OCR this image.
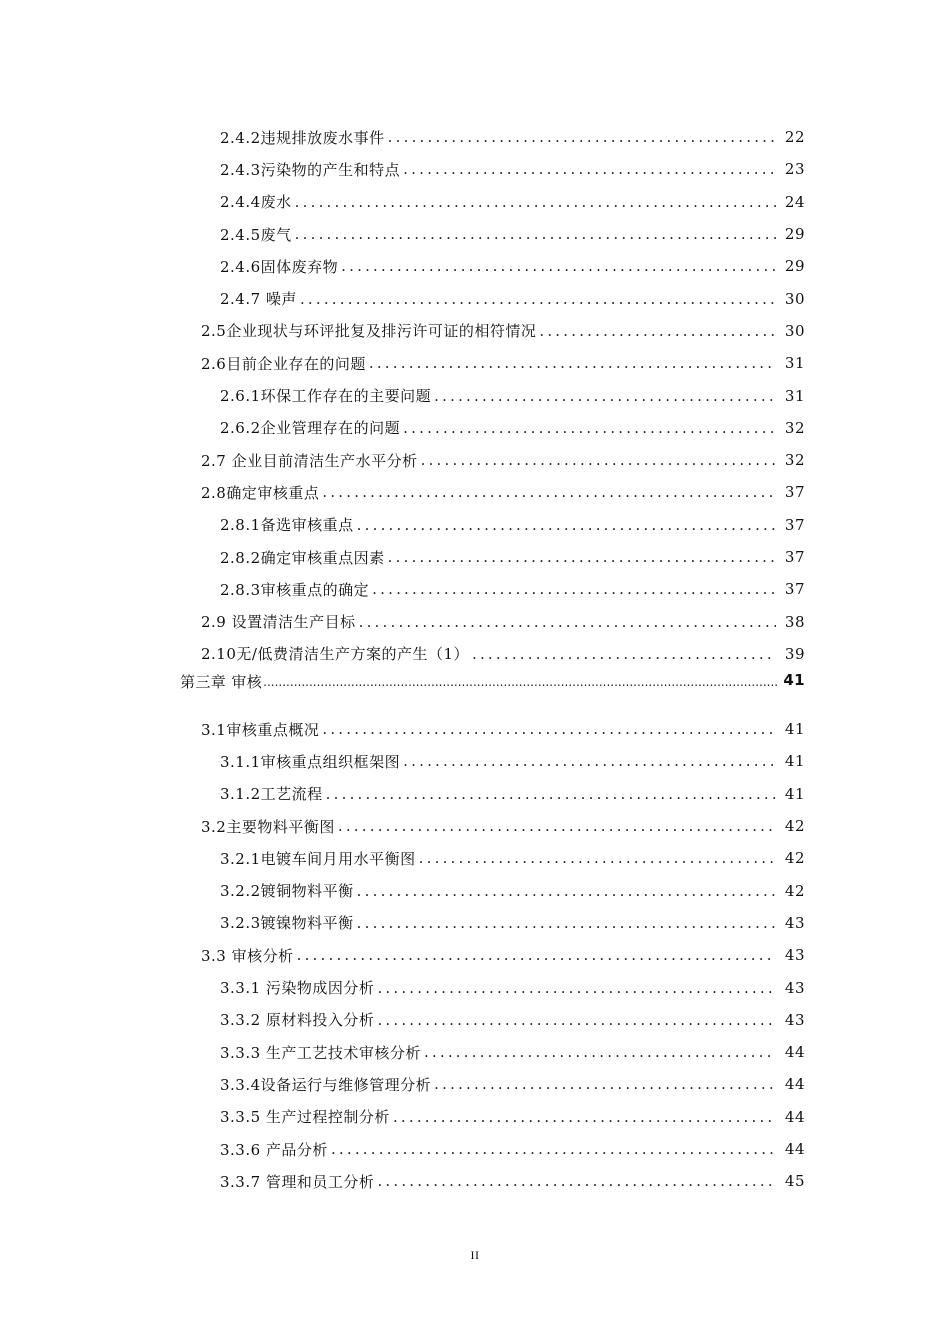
2.4.2违规排放废水事件 .....	22
2.4.3污染物的产生和特点 .....	23
2.4.4废水 .....	24
2.4.5废气 .....	29
2.4.6固体废弃物 .....	29
2.4.7 噪声 .....	30
2.5企业现状与环评批复及排污许可证的相符情况 .....	30
2.6目前企业存在的问题 .....	31
2.6.1环保工作存在的主要问题 .....	31
2.6.2企业管理存在的问题 .....	32
2.7 企业目前清洁生产水平分析 .....	32
2.8确定审核重点 .....	37
2.8.1备选审核重点 .....	37
2.8.2确定审核重点因素 .....	37
2.8.3审核重点的确定 .....	37
2.9 设置清洁生产目标 .....	38
2.10无/低费清洁生产方案的产生（1） .....	39
第三章 审核 .....	41
3.1审核重点概况 .....	41
3.1.1审核重点组织框架图 .....	41
3.1.2工艺流程 .....	41
3.2主要物料平衡图 .....	42
3.2.1电镀车间月用水平衡图 .....	42
3.2.2镀铜物料平衡 .....	42
3.2.3镀镍物料平衡 .....	43
3.3 审核分析 .....	43
3.3.1 污染物成因分析 .....	43
3.3.2 原材料投入分析 .....	43
3.3.3 生产工艺技术审核分析 .....	44
3.3.4设备运行与维修管理分析 .....	44
3.3.5 生产过程控制分析 .....	44
3.3.6 产品分析 .....	44
3.3.7 管理和员工分析 .....	45
II
